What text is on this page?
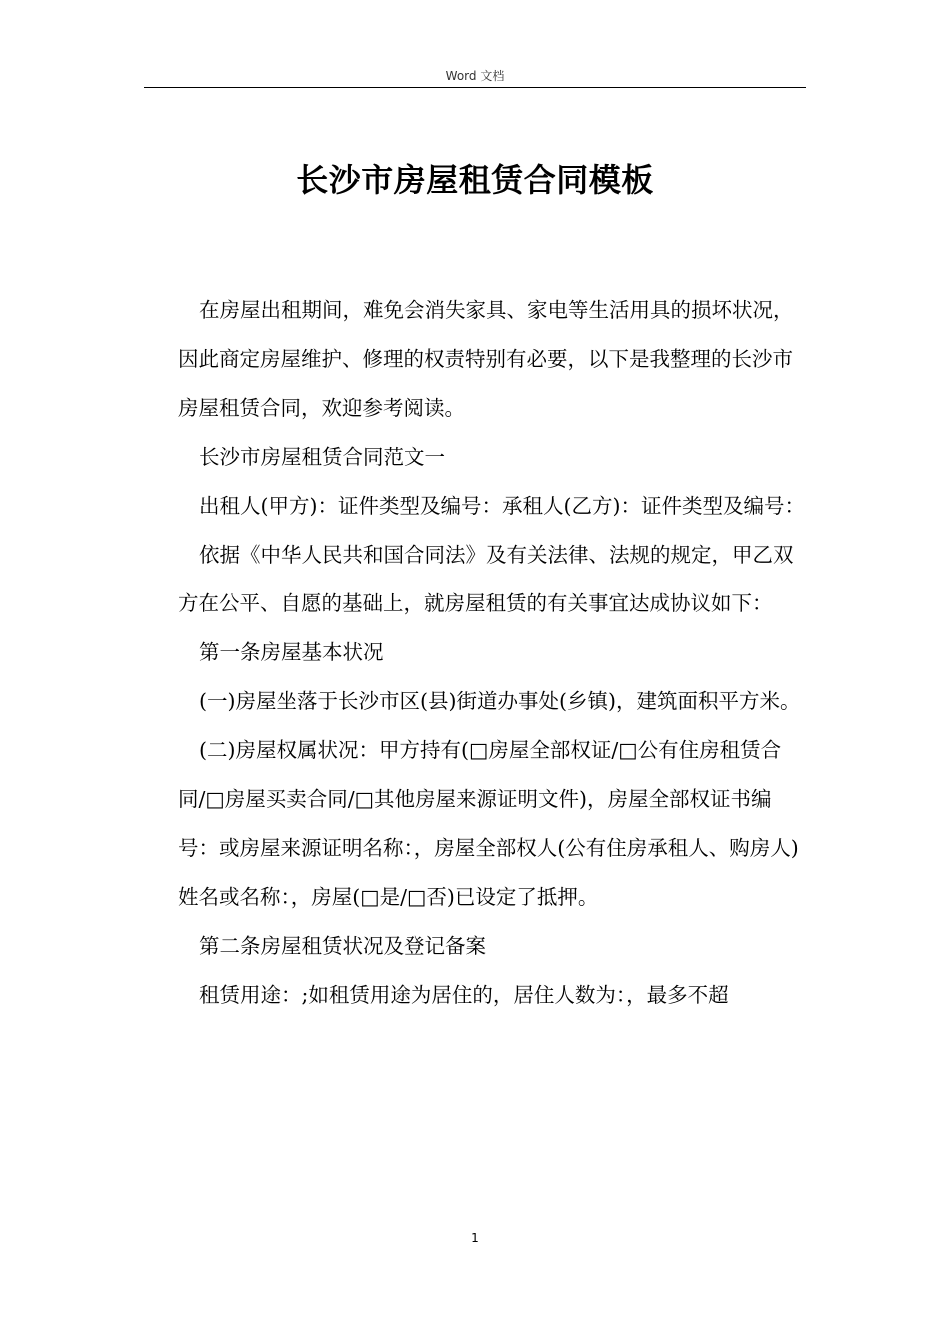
Word 文档
长沙市房屋租赁合同模板

在房屋出租期间，难免会消失家具、家电等生活用具的损坏状况，因此商定房屋维护、修理的权责特别有必要，以下是我整理的长沙市房屋租赁合同，欢迎参考阅读。

长沙市房屋租赁合同范文一

出租人(甲方)：证件类型及编号：承租人(乙方)：证件类型及编号：

依据《中华人民共和国合同法》及有关法律、法规的规定，甲乙双方在公平、自愿的基础上，就房屋租赁的有关事宜达成协议如下：

第一条房屋基本状况

(一)房屋坐落于长沙市区(县)街道办事处(乡镇)，建筑面积平方米。

(二)房屋权属状况：甲方持有(□房屋全部权证/□公有住房租赁合同/□房屋买卖合同/□其他房屋来源证明文件)，房屋全部权证书编号：或房屋来源证明名称：，房屋全部权人(公有住房承租人、购房人)姓名或名称：，房屋(□是/□否)已设定了抵押。

第二条房屋租赁状况及登记备案

租赁用途：;如租赁用途为居住的，居住人数为：，最多不超

1
